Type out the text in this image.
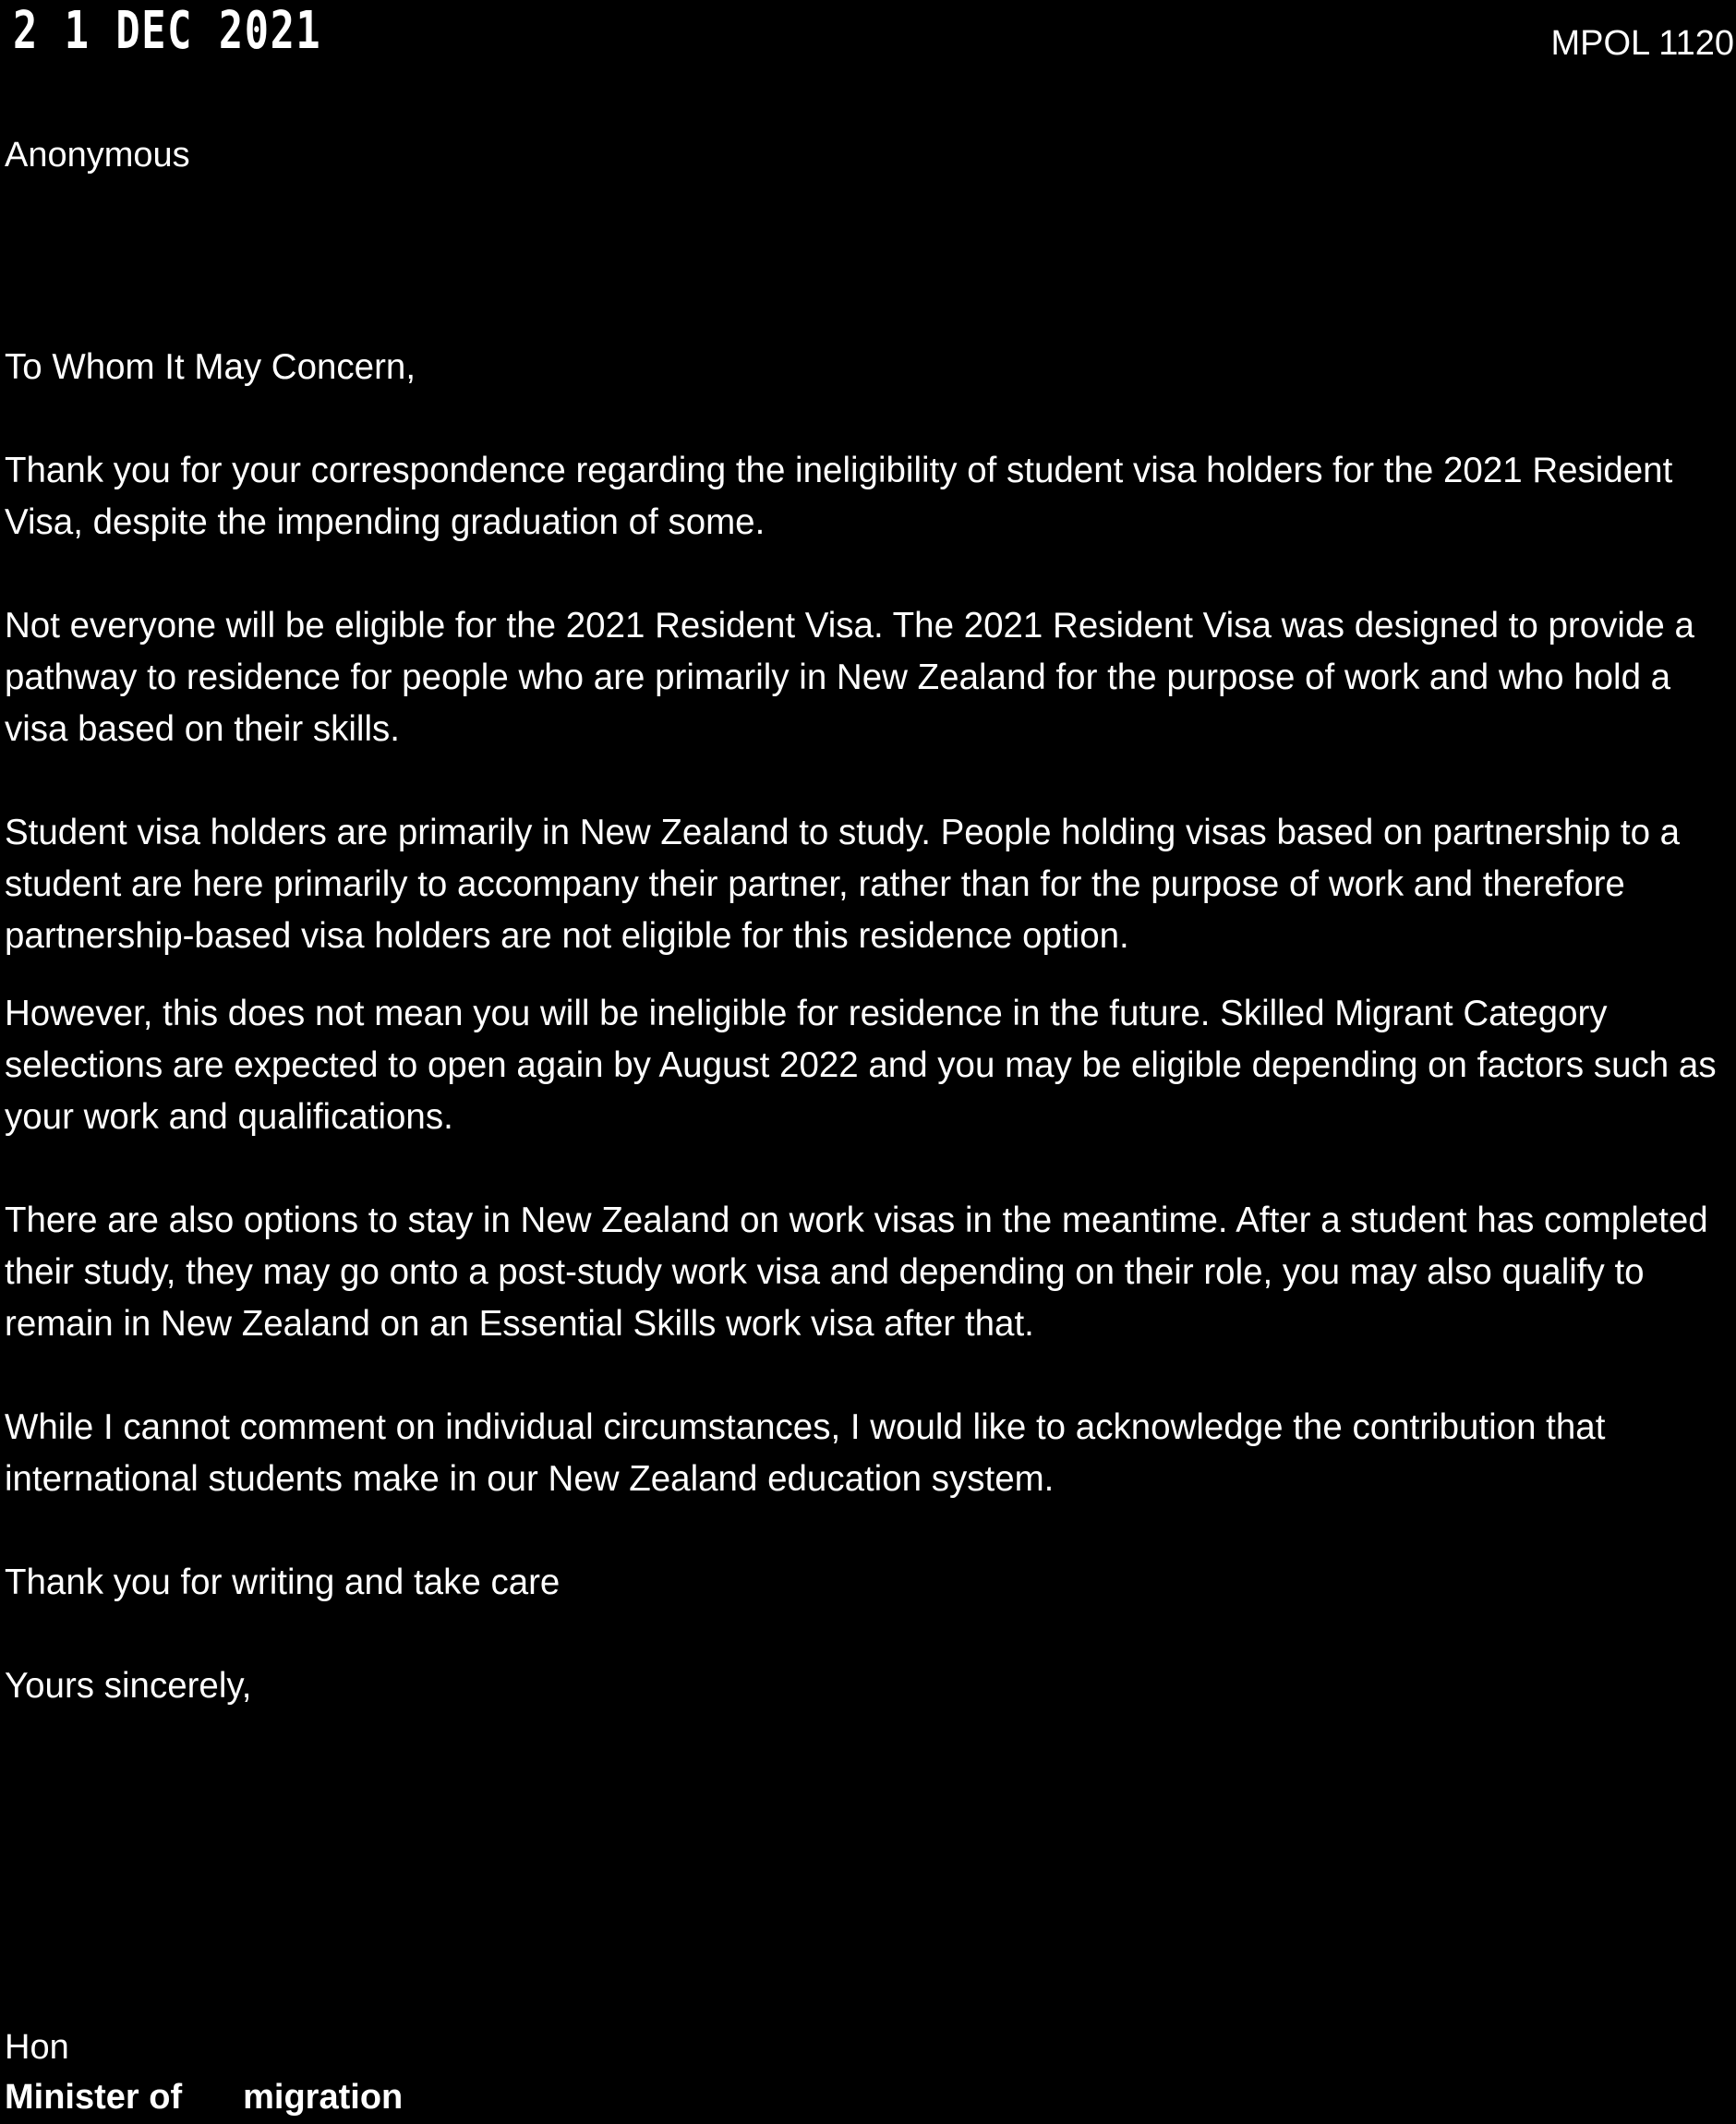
2 1 DEC 2021	MPOL 1120
Anonymous

To Whom It May Concern,

Thank you for your correspondence regarding the ineligibility of student visa holders for the 2021 Resident Visa, despite the impending graduation of some.

Not everyone will be eligible for the 2021 Resident Visa. The 2021 Resident Visa was designed to provide a pathway to residence for people who are primarily in New Zealand for the purpose of work and who hold a visa based on their skills.

Student visa holders are primarily in New Zealand to study. People holding visas based on partnership to a student are here primarily to accompany their partner, rather than for the purpose of work and therefore partnership-based visa holders are not eligible for this residence option.

However, this does not mean you will be ineligible for residence in the future. Skilled Migrant Category selections are expected to open again by August 2022 and you may be eligible depending on factors such as your work and qualifications.

There are also options to stay in New Zealand on work visas in the meantime. After a student has completed their study, they may go onto a post-study work visa and depending on their role, you may also qualify to remain in New Zealand on an Essential Skills work visa after that.

While I cannot comment on individual circumstances, I would like to acknowledge the contribution that international students make in our New Zealand education system.

Thank you for writing and take care

Yours sincerely,

Hon
Minister of migration
